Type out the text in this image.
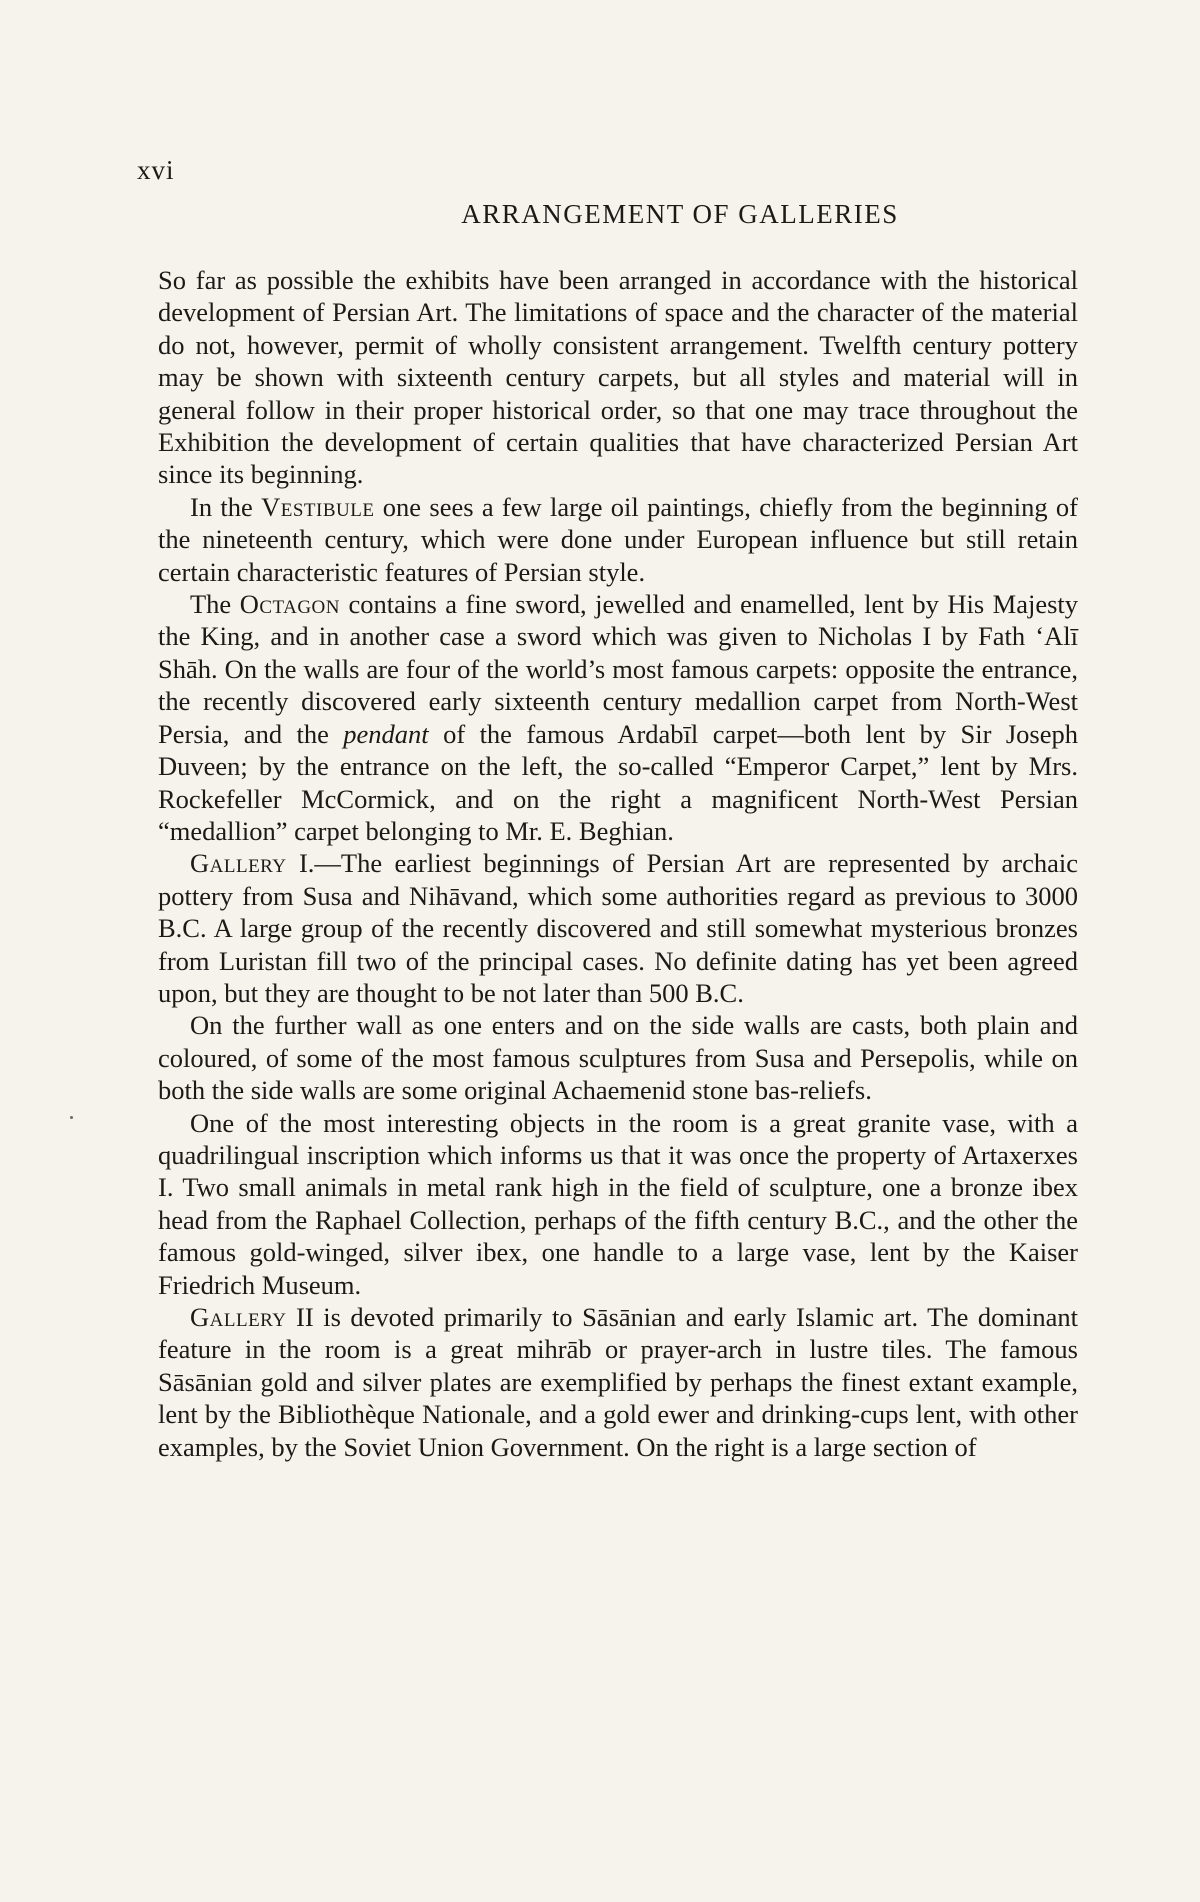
xvi
ARRANGEMENT OF GALLERIES

So far as possible the exhibits have been arranged in accordance with the historical development of Persian Art. The limitations of space and the character of the material do not, however, permit of wholly consistent arrangement. Twelfth century pottery may be shown with sixteenth century carpets, but all styles and material will in general follow in their proper historical order, so that one may trace throughout the Exhibition the development of certain qualities that have characterized Persian Art since its beginning.

In the Vestibule one sees a few large oil paintings, chiefly from the beginning of the nineteenth century, which were done under European influence but still retain certain characteristic features of Persian style.

The Octagon contains a fine sword, jewelled and enamelled, lent by His Majesty the King, and in another case a sword which was given to Nicholas I by Fath ‘Alī Shāh. On the walls are four of the world’s most famous carpets: opposite the entrance, the recently discovered early sixteenth century medallion carpet from North-West Persia, and the pendant of the famous Ardabīl carpet—both lent by Sir Joseph Duveen; by the entrance on the left, the so-called “Emperor Carpet,” lent by Mrs. Rockefeller McCormick, and on the right a magnificent North-West Persian “medallion” carpet belonging to Mr. E. Beghian.

Gallery I.—The earliest beginnings of Persian Art are represented by archaic pottery from Susa and Nihāvand, which some authorities regard as previous to 3000 B.C. A large group of the recently discovered and still somewhat mysterious bronzes from Luristan fill two of the principal cases. No definite dating has yet been agreed upon, but they are thought to be not later than 500 B.C.

On the further wall as one enters and on the side walls are casts, both plain and coloured, of some of the most famous sculptures from Susa and Persepolis, while on both the side walls are some original Achaemenid stone bas-reliefs.

One of the most interesting objects in the room is a great granite vase, with a quadrilingual inscription which informs us that it was once the property of Artaxerxes I. Two small animals in metal rank high in the field of sculpture, one a bronze ibex head from the Raphael Collection, perhaps of the fifth century B.C., and the other the famous gold-winged, silver ibex, one handle to a large vase, lent by the Kaiser Friedrich Museum.

Gallery II is devoted primarily to Sāsānian and early Islamic art. The dominant feature in the room is a great mihrāb or prayer-arch in lustre tiles. The famous Sāsānian gold and silver plates are exemplified by perhaps the finest extant example, lent by the Bibliothèque Nationale, and a gold ewer and drinking-cups lent, with other examples, by the Soviet Union Government. On the right is a large section of
